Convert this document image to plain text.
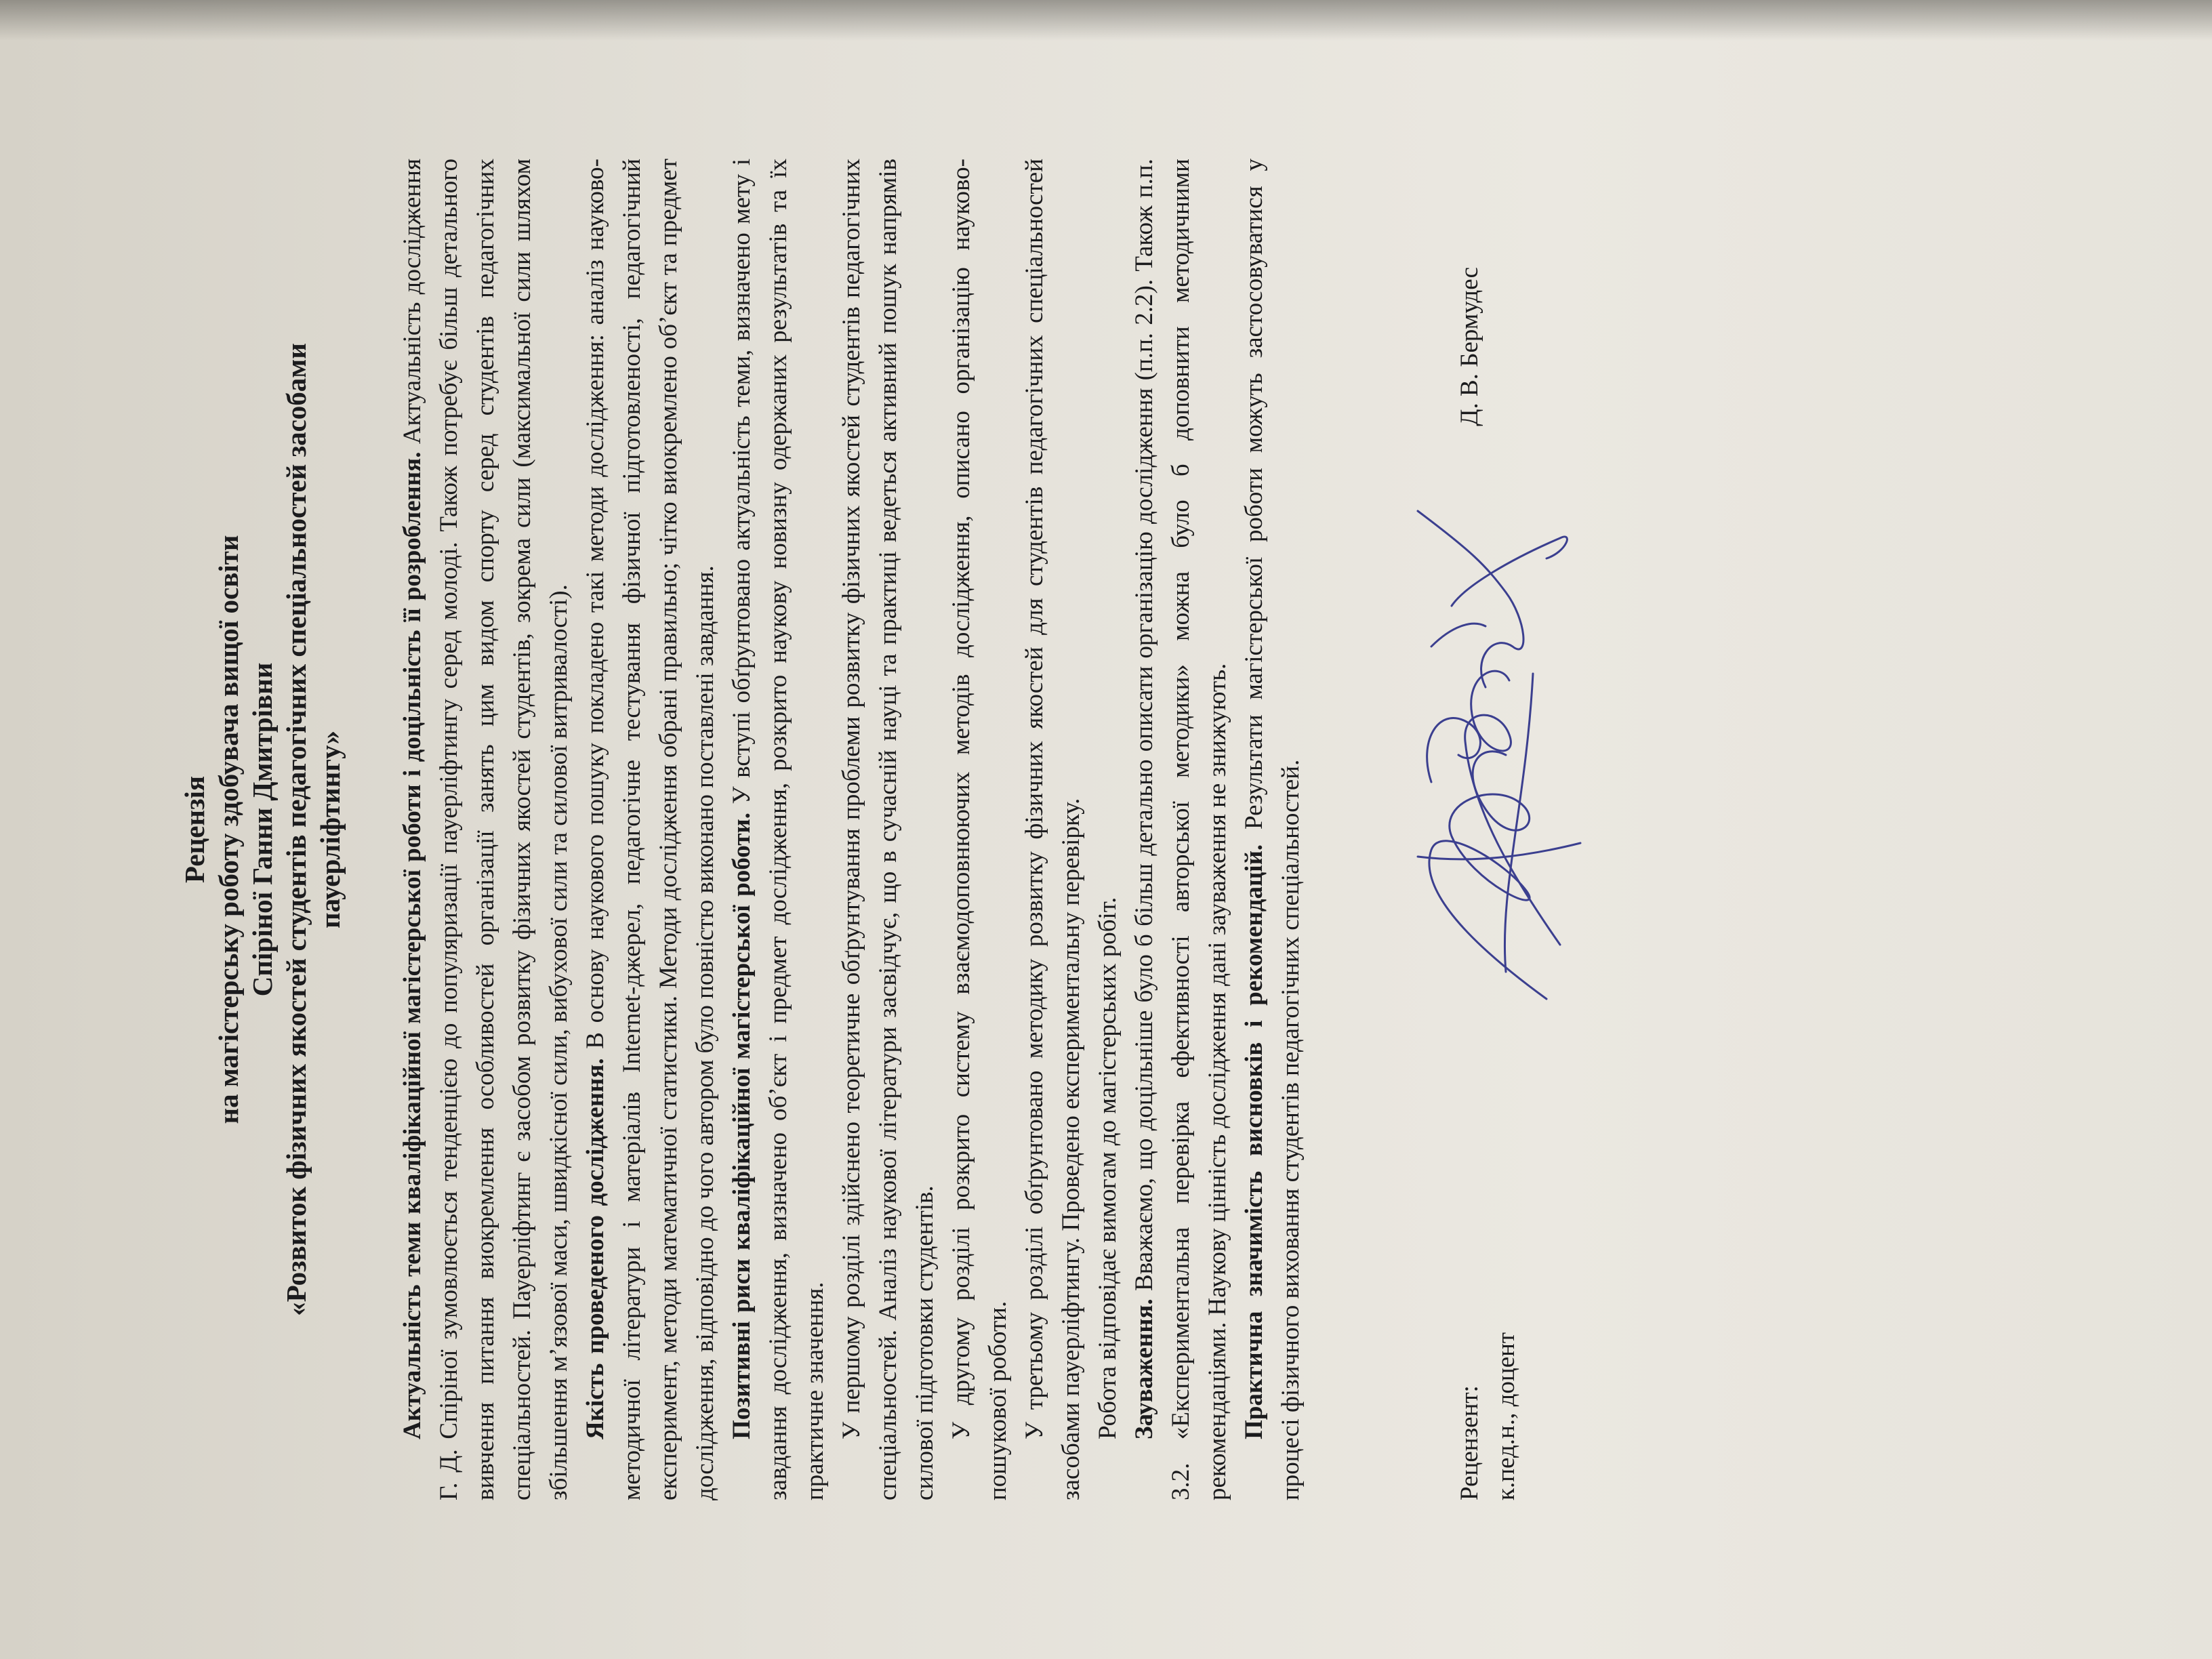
Рецензія на магістерську роботу здобувача вищої освіти Спіріної Ганни Дмитрівни «Розвиток фізичних якостей студентів педагогічних спеціальностей засобами пауерліфтингу» Актуальність теми кваліфікаційної магістерської роботи і доцільність її розроблення. Актуальність дослідження Г. Д. Спіріної зумовлюється тенденцією до популяризації пауерліфтингу серед молоді. Також потребує більш детального вивчення питання виокремлення особливостей організації занять цим видом спорту серед студентів педагогічних спеціальностей. Пауерліфтинг є засобом розвитку фізичних якостей студентів, зокрема сили (максимальної сили шляхом збільшення м’язової маси, швидкісної сили, вибухової сили та силової витривалості). Якість проведеного дослідження. В основу наукового пошуку покладено такі методи дослідження: аналіз науково-методичної літератури і матеріалів Internet-джерел, педагогічне тестування фізичної підготовленості, педагогічний експеримент, методи математичної статистики. Методи дослідження обрані правильно; чітко виокремлено об’єкт та предмет дослідження, відповідно до чого автором було повністю виконано поставлені завдання. Позитивні риси кваліфікаційної магістерської роботи. У вступі обґрунтовано актуальність теми, визначено мету і завдання дослідження, визначено об’єкт і предмет дослідження, розкрито наукову новизну одержаних результатів та їх практичне значення. У першому розділі здійснено теоретичне обґрунтування проблеми розвитку фізичних якостей студентів педагогічних спеціальностей. Аналіз наукової літератури засвідчує, що в сучасній науці та практиці ведеться активний пошук напрямів силової підготовки студентів. У другому розділі розкрито систему взаємодоповнюючих методів дослідження, описано організацію науково-пошукової роботи. У третьому розділі обґрунтовано методику розвитку фізичних якостей для студентів педагогічних спеціальностей засобами пауерліфтингу. Проведено експериментальну перевірку. Робота відповідає вимогам до магістерських робіт. Зауваження. Вважаємо, що доцільніше було б більш детально описати організацію дослідження (п.п. 2.2). Також п.п. 3.2. «Експериментальна перевірка ефективності авторської методики» можна було б доповнити методичними рекомендаціями. Наукову цінність дослідження дані зауваження не знижують. Практична значимість висновків і рекомендацій. Результати магістерської роботи можуть застосовуватися у процесі фізичного виховання студентів педагогічних спеціальностей.	Рецензент: к.пед.н., доцент
Д. В. Бермудес
